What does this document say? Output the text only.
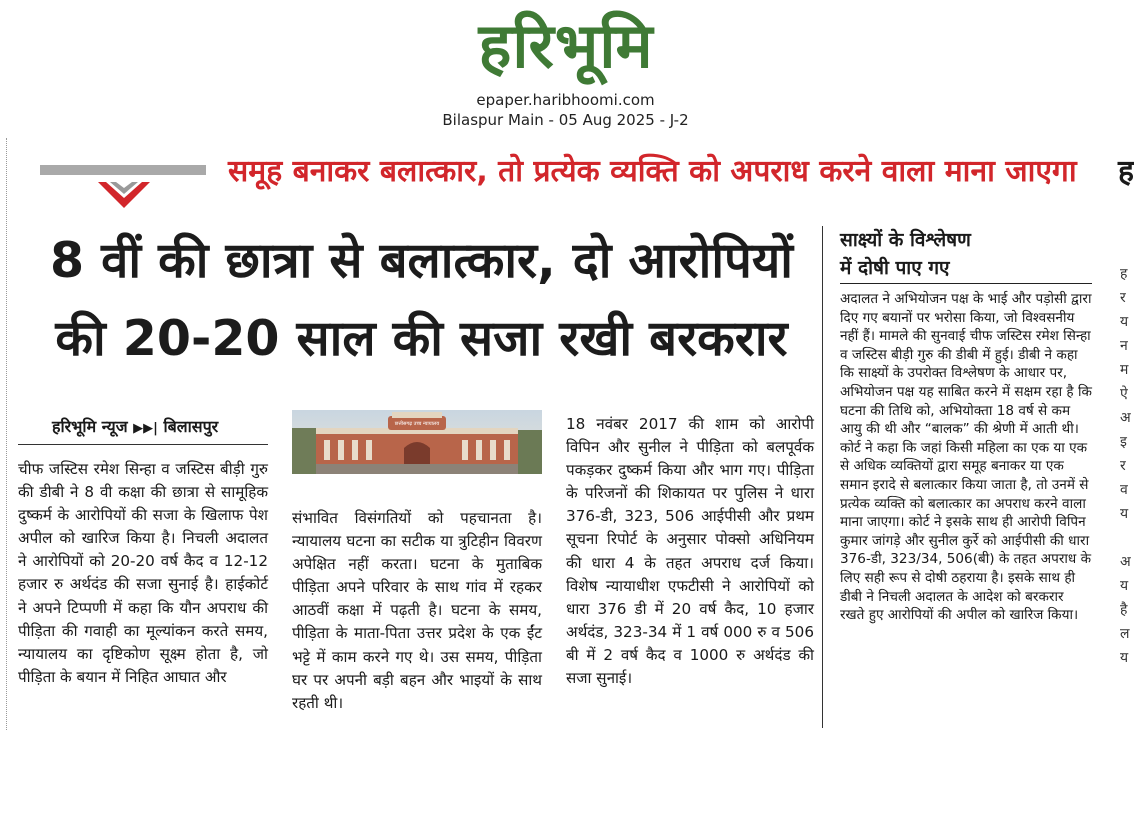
हरिभूमि
epaper.haribhoomi.com
Bilaspur Main - 05 Aug 2025 - J-2
समूह बनाकर बलात्कार, तो प्रत्येक व्यक्ति को अपराध करने वाला माना जाएगा	ह
8 वीं की छात्रा से बलात्कार, दो आरोपियों
की 20-20 साल की सजा रखी बरकरार
हरिभूमि न्यूज ▶▶| बिलासपुर
चीफ जस्टिस रमेश सिन्हा व जस्टिस बीड़ी गुरु की डीबी ने 8 वी कक्षा की छात्रा से सामूहिक दुष्कर्म के आरोपियों की सजा के खिलाफ पेश अपील को खारिज किया है। निचली अदालत ने आरोपियों को 20-20 वर्ष कैद व 12-12 हजार रु अर्थदंड की सजा सुनाई है। हाईकोर्ट ने अपने टिप्पणी में कहा कि यौन अपराध की पीड़िता की गवाही का मूल्यांकन करते समय, न्यायालय का दृष्टिकोण सूक्ष्म होता है, जो पीड़िता के बयान में निहित आघात और
छत्तीसगढ़ उच्च न्यायालय
संभावित विसंगतियों को पहचानता है। न्यायालय घटना का सटीक या त्रुटिहीन विवरण अपेक्षित नहीं करता। घटना के मुताबिक पीड़िता अपने परिवार के साथ गांव में रहकर आठवीं कक्षा में पढ़ती है। घटना के समय, पीड़िता के माता-पिता उत्तर प्रदेश के एक ईंट भट्टे में काम करने गए थे। उस समय, पीड़िता घर पर अपनी बड़ी बहन और भाइयों के साथ रहती थी।
18 नवंबर 2017 की शाम को आरोपी विपिन और सुनील ने पीड़िता को बलपूर्वक पकड़कर दुष्कर्म किया और भाग गए। पीड़िता के परिजनों की शिकायत पर पुलिस ने धारा 376-डी, 323, 506 आईपीसी और प्रथम सूचना रिपोर्ट के अनुसार पोक्सो अधिनियम की धारा 4 के तहत अपराध दर्ज किया। विशेष न्यायाधीश एफटीसी ने आरोपियों को धारा 376 डी में 20 वर्ष कैद, 10 हजार अर्थदंड, 323-34 में 1 वर्ष 000 रु व 506 बी में 2 वर्ष कैद व 1000 रु अर्थदंड की सजा सुनाई।
साक्ष्यों के विश्लेषण
में दोषी पाए गए
अदालत ने अभियोजन पक्ष के भाई और पड़ोसी द्वारा दिए गए बयानों पर भरोसा किया, जो विश्वसनीय नहीं हैं। मामले की सुनवाई चीफ जस्टिस रमेश सिन्हा व जस्टिस बीड़ी गुरु की डीबी में हुई। डीबी ने कहा कि साक्ष्यों के उपरोक्त विश्लेषण के आधार पर, अभियोजन पक्ष यह साबित करने में सक्षम रहा है कि घटना की तिथि को, अभियोक्ता 18 वर्ष से कम आयु की थी और “बालक” की श्रेणी में आती थी। कोर्ट ने कहा कि जहां किसी महिला का एक या एक से अधिक व्यक्तियों द्वारा समूह बनाकर या एक समान इरादे से बलात्कार किया जाता है, तो उनमें से प्रत्येक व्यक्ति को बलात्कार का अपराध करने वाला माना जाएगा। कोर्ट ने इसके साथ ही आरोपी विपिन कुमार जांगड़े और सुनील कुर्रे को आईपीसी की धारा 376-डी, 323/34, 506(बी) के तहत अपराध के लिए सही रूप से दोषी ठहराया है। इसके साथ ही डीबी ने निचली अदालत के आदेश को बरकरार रखते हुए आरोपियों की अपील को खारिज किया।
ह
र
य
न
म
ऐ
अ
इ
र
व
य

अ
य
है
ल
य
